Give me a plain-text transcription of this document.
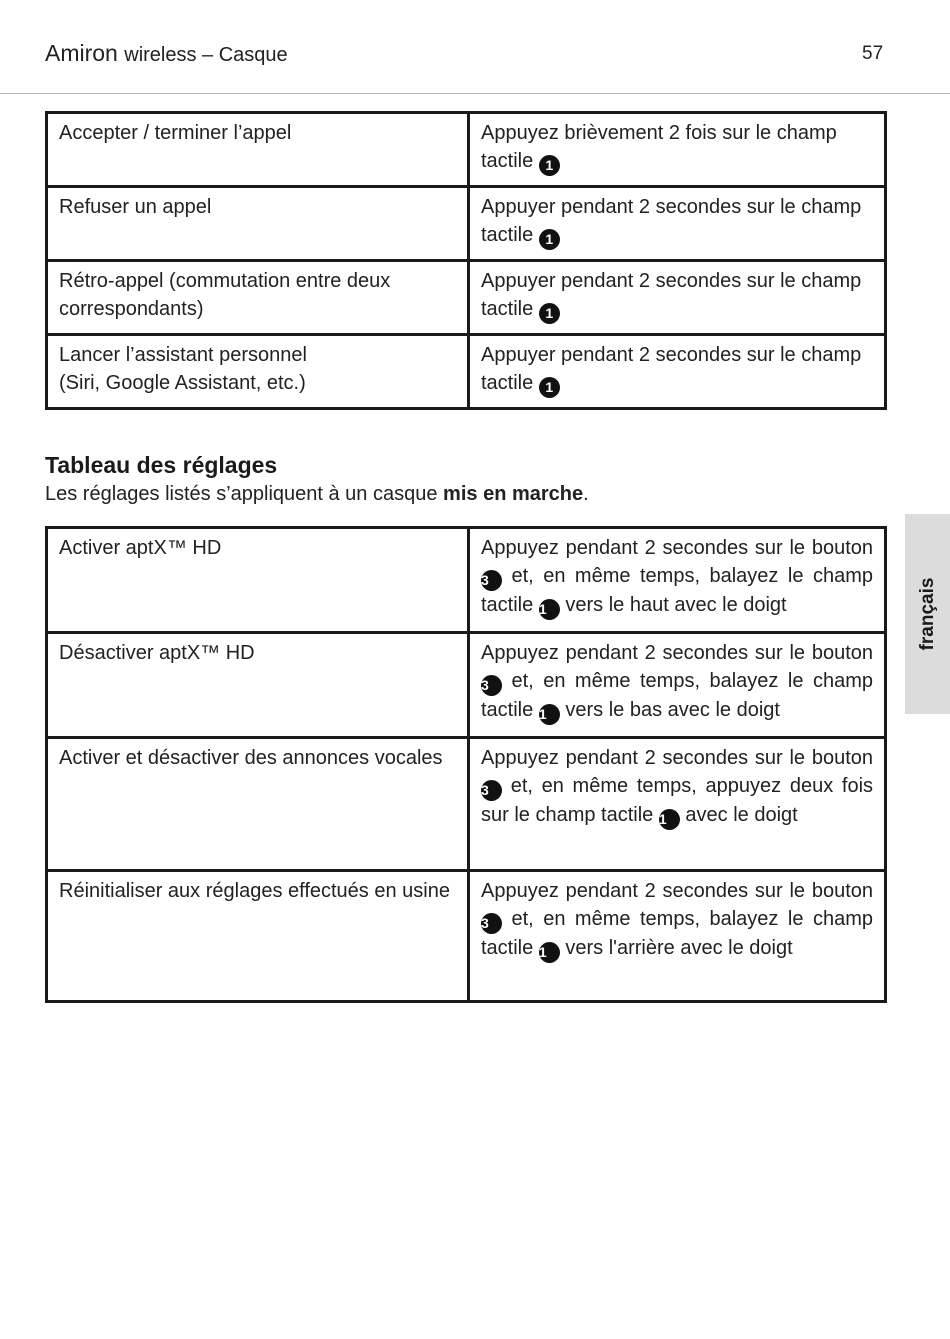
Amiron wireless – Casque	57
Accepter / terminer l’appel	Appuyez brièvement 2 fois sur le champ tactile 1
Refuser un appel	Appuyer pendant 2 secondes sur le champ tactile 1
Rétro-appel (commutation entre deux correspondants)	Appuyer pendant 2 secondes sur le champ tactile 1
Lancer l’assistant personnel
(Siri, Google Assistant, etc.)	Appuyer pendant 2 secondes sur le champ tactile 1
Tableau des réglages
Les réglages listés s’appliquent à un casque mis en marche.
Activer aptX™ HD	Appuyez pendant 2 secondes sur le bouton 3 et, en même temps, balayez le champ tactile 1 vers le haut avec le doigt
Désactiver aptX™ HD	Appuyez pendant 2 secondes sur le bouton 3 et, en même temps, balayez le champ tactile 1 vers le bas avec le doigt
Activer et désactiver des annonces vocales	Appuyez pendant 2 secondes sur le bouton 3 et, en même temps, appuyez deux fois sur le champ tactile 1 avec le doigt
Réinitialiser aux réglages effectués en usine	Appuyez pendant 2 secondes sur le bouton 3 et, en même temps, balayez le champ tactile 1 vers l'arrière avec le doigt
français
